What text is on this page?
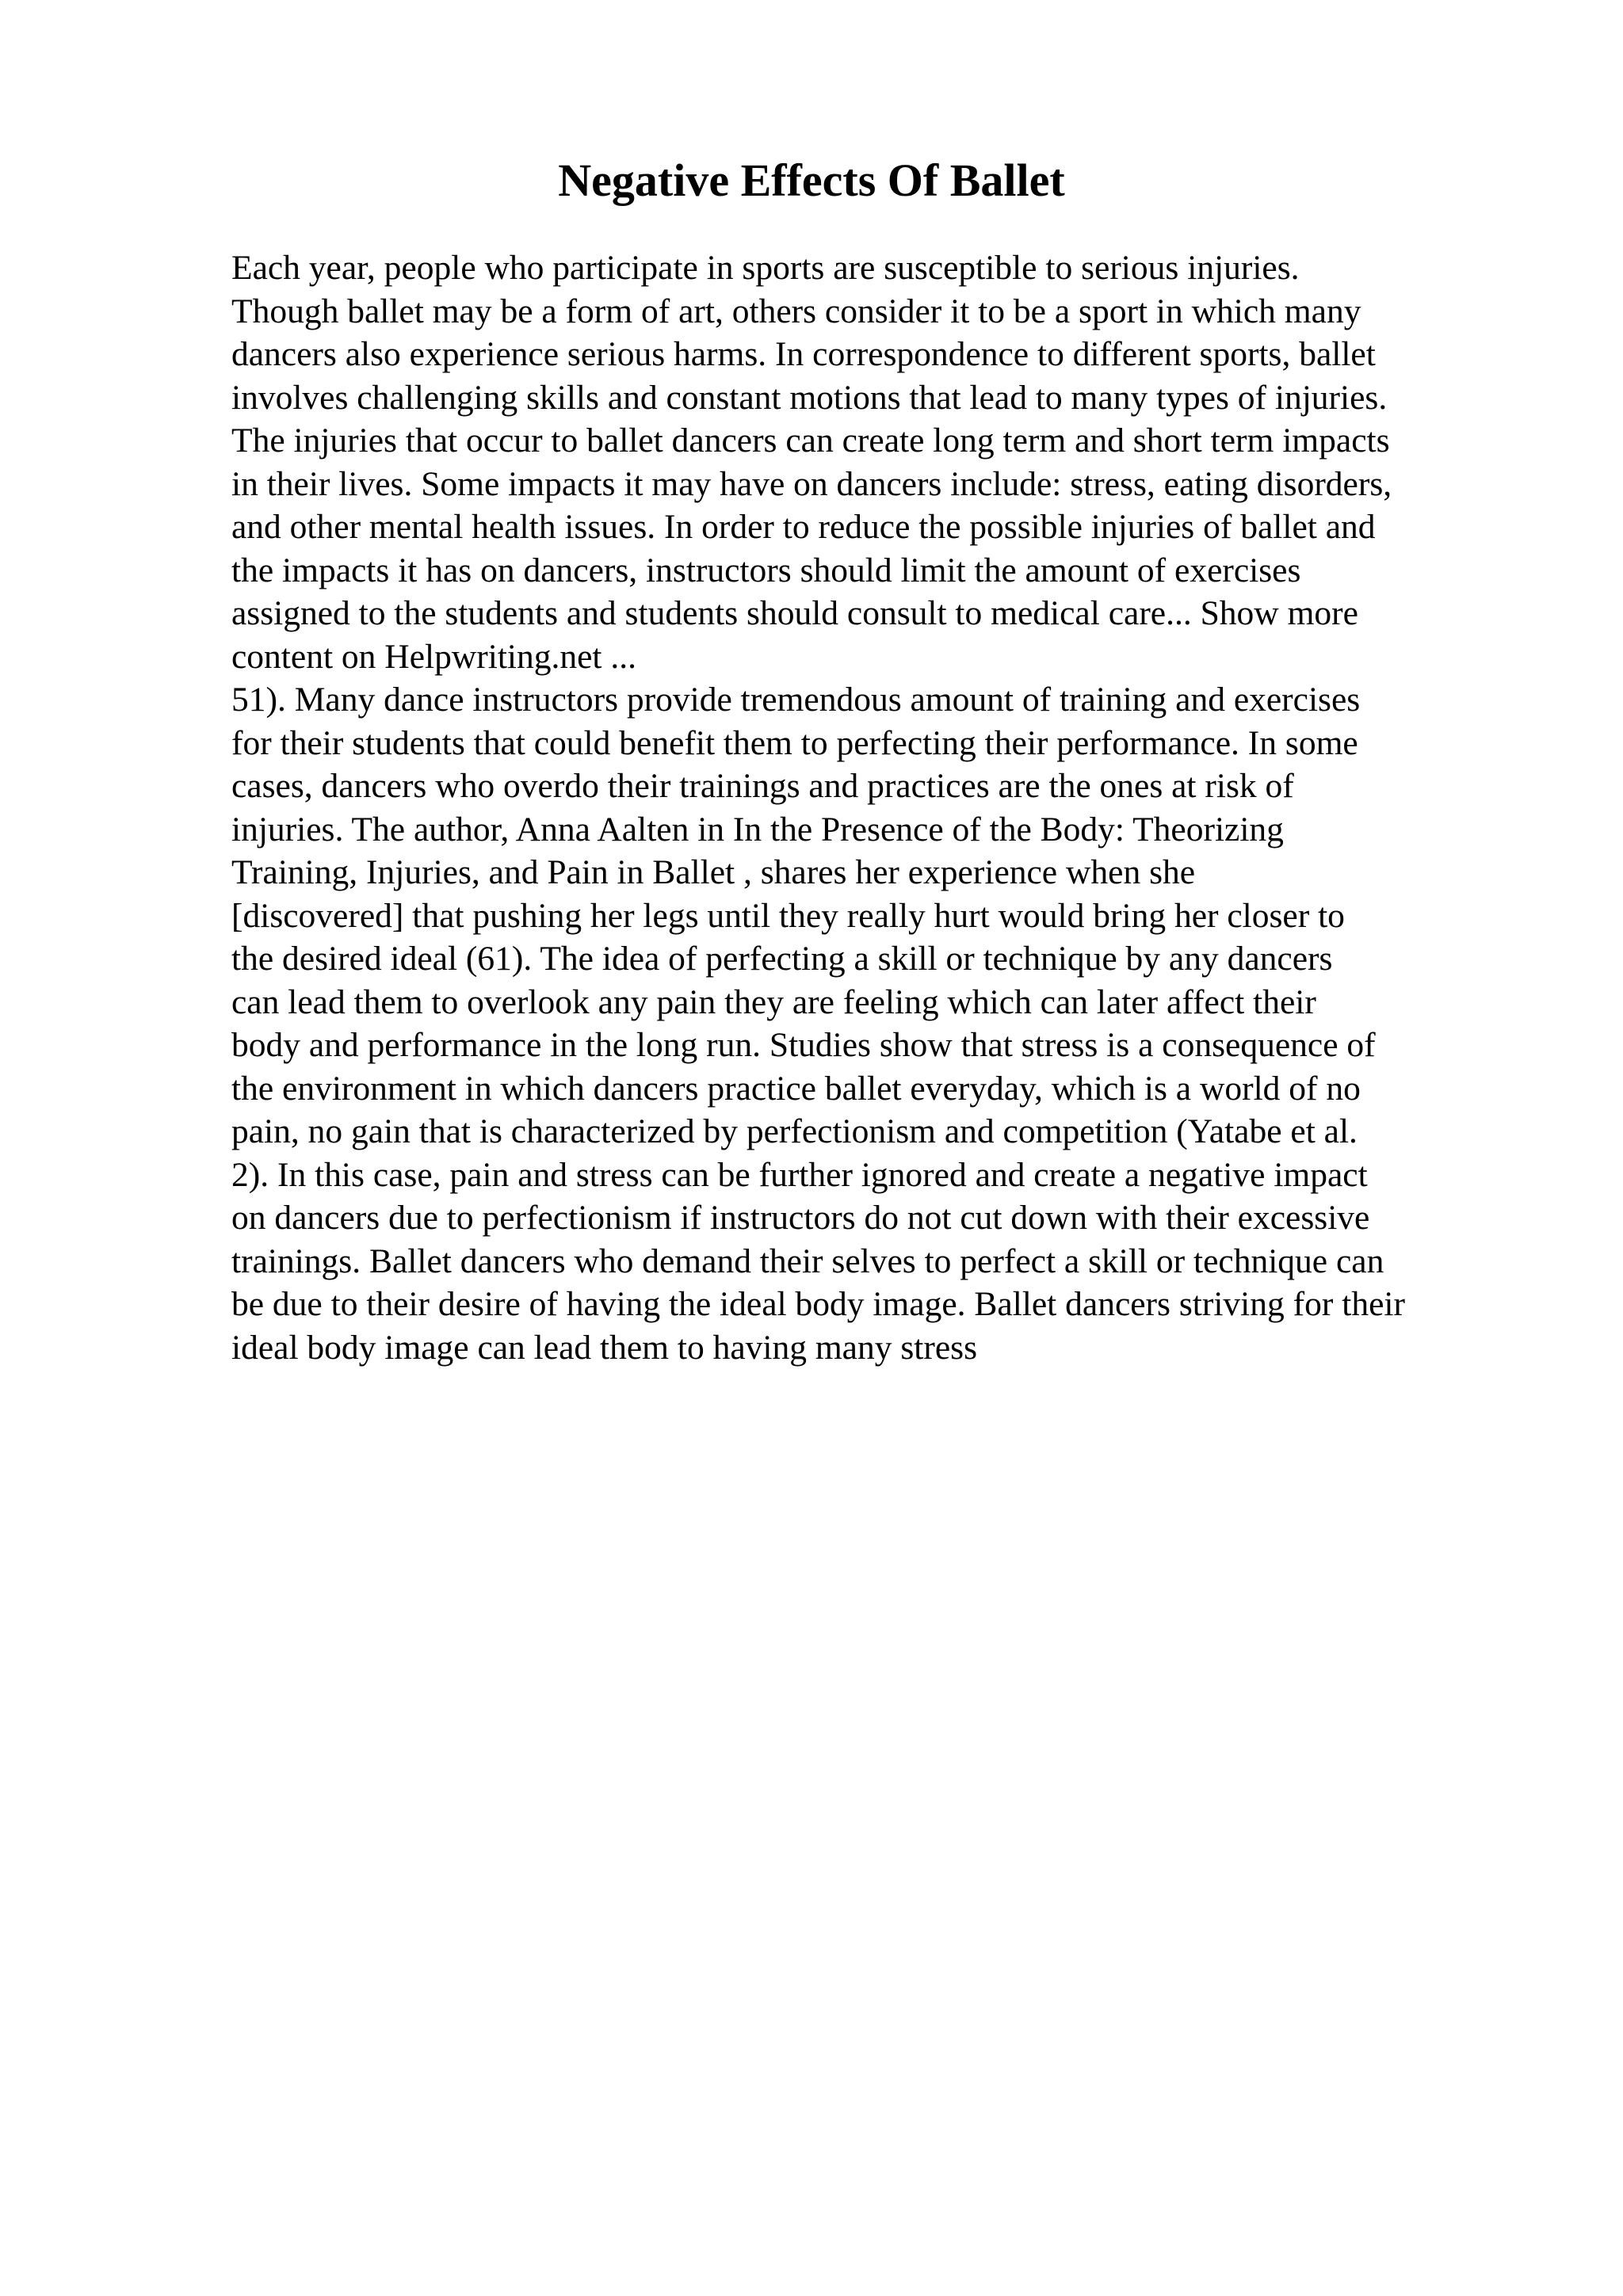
Negative Effects Of Ballet
Each year, people who participate in sports are susceptible to serious injuries.
Though ballet may be a form of art, others consider it to be a sport in which many
dancers also experience serious harms. In correspondence to different sports, ballet
involves challenging skills and constant motions that lead to many types of injuries.
The injuries that occur to ballet dancers can create long term and short term impacts
in their lives. Some impacts it may have on dancers include: stress, eating disorders,
and other mental health issues. In order to reduce the possible injuries of ballet and
the impacts it has on dancers, instructors should limit the amount of exercises
assigned to the students and students should consult to medical care... Show more
content on Helpwriting.net ...
51). Many dance instructors provide tremendous amount of training and exercises
for their students that could benefit them to perfecting their performance. In some
cases, dancers who overdo their trainings and practices are the ones at risk of
injuries. The author, Anna Aalten in In the Presence of the Body: Theorizing
Training, Injuries, and Pain in Ballet , shares her experience when she
[discovered] that pushing her legs until they really hurt would bring her closer to
the desired ideal (61). The idea of perfecting a skill or technique by any dancers
can lead them to overlook any pain they are feeling which can later affect their
body and performance in the long run. Studies show that stress is a consequence of
the environment in which dancers practice ballet everyday, which is a world of no
pain, no gain that is characterized by perfectionism and competition (Yatabe et al.
2). In this case, pain and stress can be further ignored and create a negative impact
on dancers due to perfectionism if instructors do not cut down with their excessive
trainings. Ballet dancers who demand their selves to perfect a skill or technique can
be due to their desire of having the ideal body image. Ballet dancers striving for their
ideal body image can lead them to having many stress
